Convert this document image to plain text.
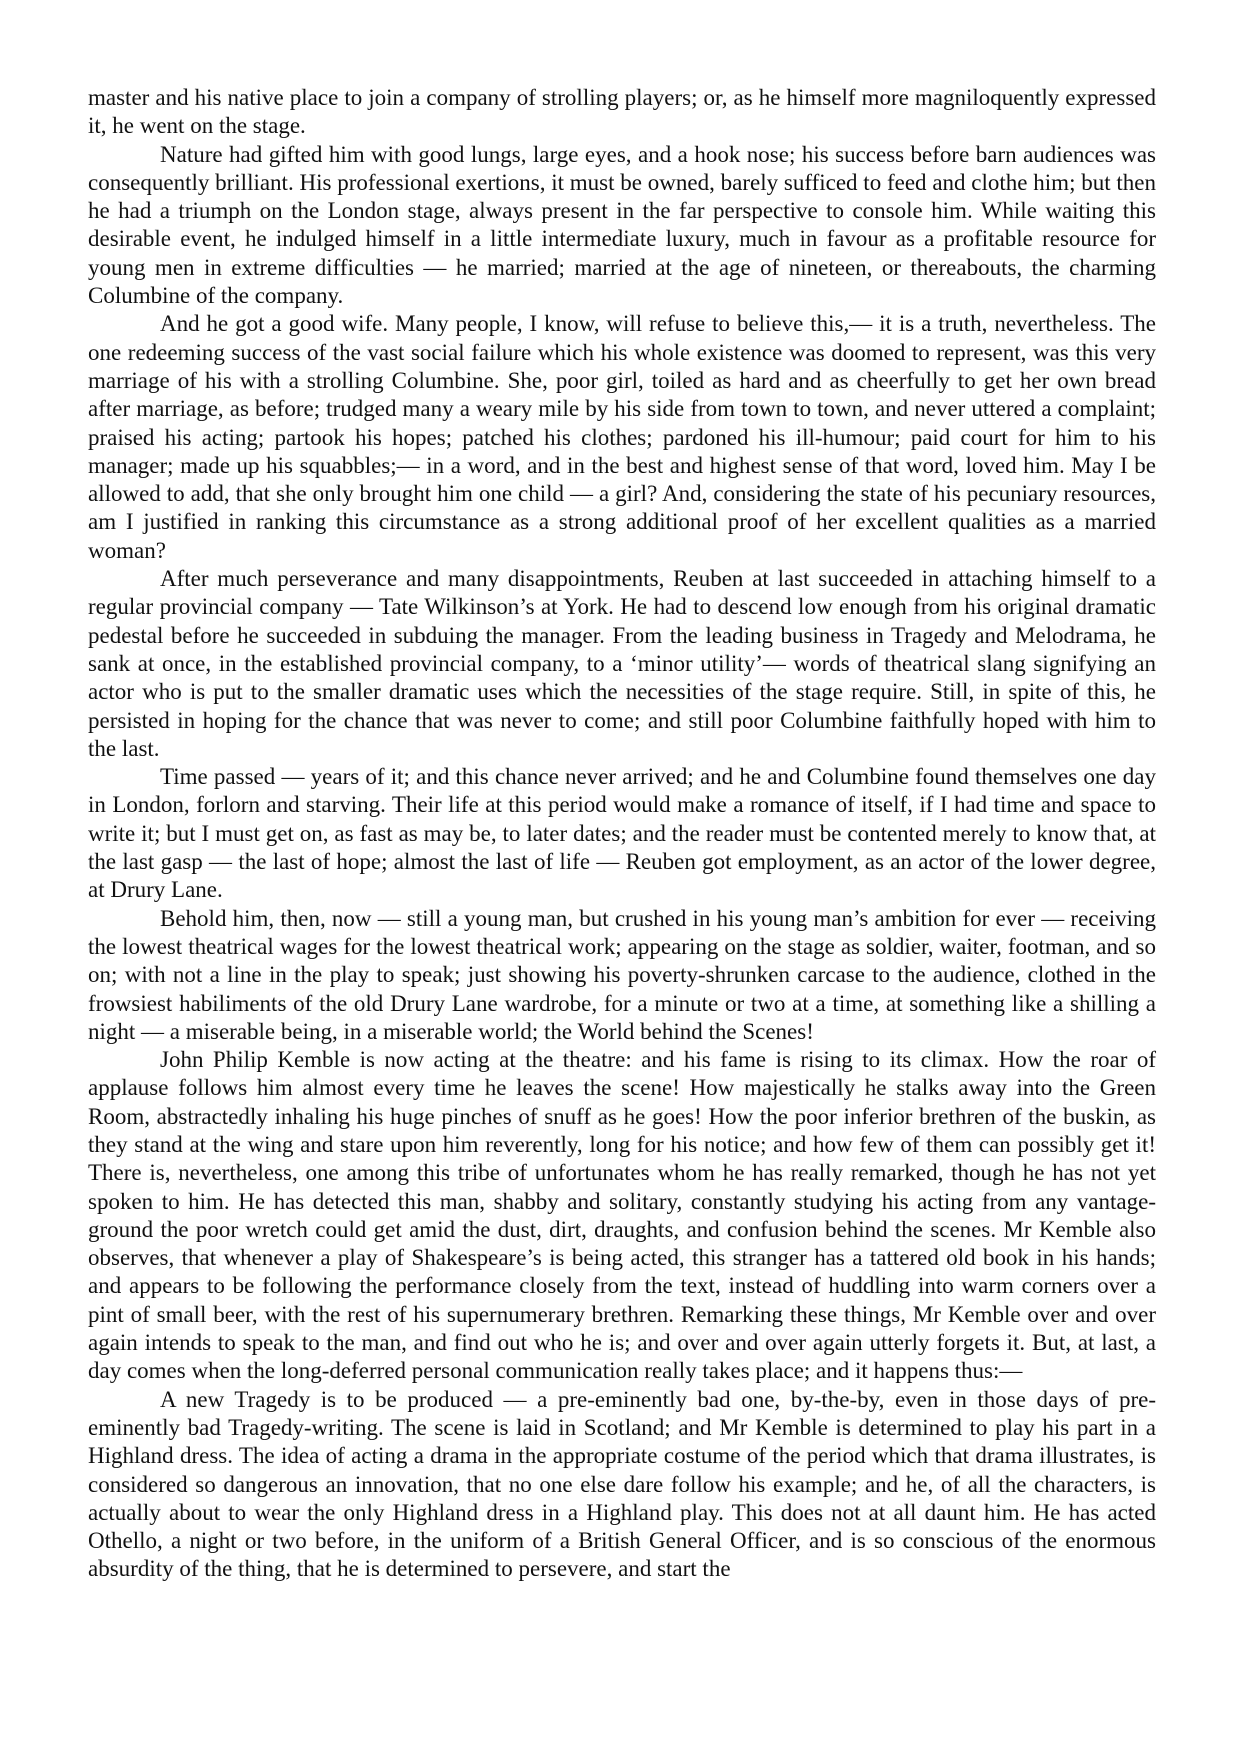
master and his native place to join a company of strolling players; or, as he himself more magniloquently expressed it, he went on the stage.

Nature had gifted him with good lungs, large eyes, and a hook nose; his success before barn audiences was consequently brilliant. His professional exertions, it must be owned, barely sufficed to feed and clothe him; but then he had a triumph on the London stage, always present in the far perspective to console him. While waiting this desirable event, he indulged himself in a little intermediate luxury, much in favour as a profitable resource for young men in extreme difficulties — he married; married at the age of nineteen, or thereabouts, the charming Columbine of the company.

And he got a good wife. Many people, I know, will refuse to believe this,— it is a truth, nevertheless. The one redeeming success of the vast social failure which his whole existence was doomed to represent, was this very marriage of his with a strolling Columbine. She, poor girl, toiled as hard and as cheerfully to get her own bread after marriage, as before; trudged many a weary mile by his side from town to town, and never uttered a complaint; praised his acting; partook his hopes; patched his clothes; pardoned his ill-humour; paid court for him to his manager; made up his squabbles;— in a word, and in the best and highest sense of that word, loved him. May I be allowed to add, that she only brought him one child — a girl? And, considering the state of his pecuniary resources, am I justified in ranking this circumstance as a strong additional proof of her excellent qualities as a married woman?

After much perseverance and many disappointments, Reuben at last succeeded in attaching himself to a regular provincial company — Tate Wilkinson’s at York. He had to descend low enough from his original dramatic pedestal before he succeeded in subduing the manager. From the leading business in Tragedy and Melodrama, he sank at once, in the established provincial company, to a ‘minor utility’— words of theatrical slang signifying an actor who is put to the smaller dramatic uses which the necessities of the stage require. Still, in spite of this, he persisted in hoping for the chance that was never to come; and still poor Columbine faithfully hoped with him to the last.

Time passed — years of it; and this chance never arrived; and he and Columbine found themselves one day in London, forlorn and starving. Their life at this period would make a romance of itself, if I had time and space to write it; but I must get on, as fast as may be, to later dates; and the reader must be contented merely to know that, at the last gasp — the last of hope; almost the last of life — Reuben got employment, as an actor of the lower degree, at Drury Lane.

Behold him, then, now — still a young man, but crushed in his young man’s ambition for ever — receiving the lowest theatrical wages for the lowest theatrical work; appearing on the stage as soldier, waiter, footman, and so on; with not a line in the play to speak; just showing his poverty-shrunken carcase to the audience, clothed in the frowsiest habiliments of the old Drury Lane wardrobe, for a minute or two at a time, at something like a shilling a night — a miserable being, in a miserable world; the World behind the Scenes!

John Philip Kemble is now acting at the theatre: and his fame is rising to its climax. How the roar of applause follows him almost every time he leaves the scene! How majestically he stalks away into the Green Room, abstractedly inhaling his huge pinches of snuff as he goes! How the poor inferior brethren of the buskin, as they stand at the wing and stare upon him reverently, long for his notice; and how few of them can possibly get it! There is, nevertheless, one among this tribe of unfortunates whom he has really remarked, though he has not yet spoken to him. He has detected this man, shabby and solitary, constantly studying his acting from any vantage-ground the poor wretch could get amid the dust, dirt, draughts, and confusion behind the scenes. Mr Kemble also observes, that whenever a play of Shakespeare’s is being acted, this stranger has a tattered old book in his hands; and appears to be following the performance closely from the text, instead of huddling into warm corners over a pint of small beer, with the rest of his supernumerary brethren. Remarking these things, Mr Kemble over and over again intends to speak to the man, and find out who he is; and over and over again utterly forgets it. But, at last, a day comes when the long-deferred personal communication really takes place; and it happens thus:—

A new Tragedy is to be produced — a pre-eminently bad one, by-the-by, even in those days of pre-eminently bad Tragedy-writing. The scene is laid in Scotland; and Mr Kemble is determined to play his part in a Highland dress. The idea of acting a drama in the appropriate costume of the period which that drama illustrates, is considered so dangerous an innovation, that no one else dare follow his example; and he, of all the characters, is actually about to wear the only Highland dress in a Highland play. This does not at all daunt him. He has acted Othello, a night or two before, in the uniform of a British General Officer, and is so conscious of the enormous absurdity of the thing, that he is determined to persevere, and start the
